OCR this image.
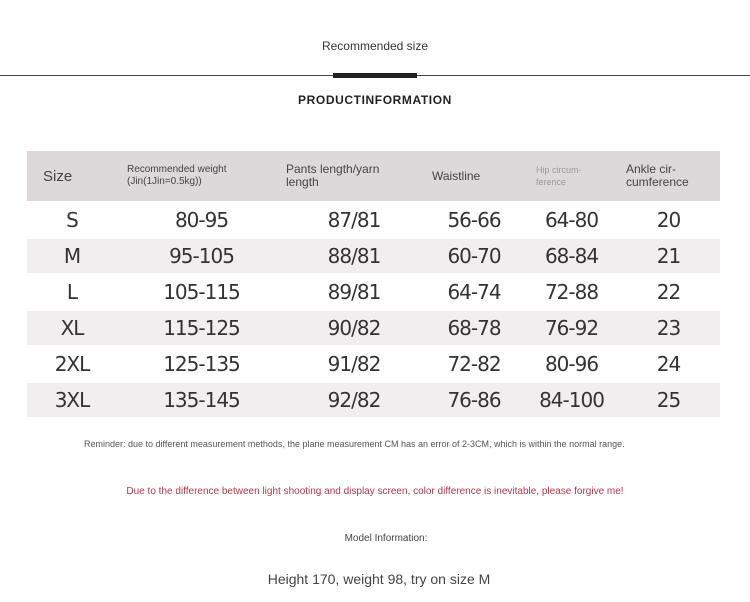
Recommended size
PRODUCTINFORMATION
Size	Recommended weight (Jin(1Jin=0.5kg))	Pants length/yarn length	Waistline	Hip circum- ference	Ankle cir- cumference
S	80-95	87/81	56-66	64-80	20
M	95-105	88/81	60-70	68-84	21
L	105-115	89/81	64-74	72-88	22
XL	115-125	90/82	68-78	76-92	23
2XL	125-135	91/82	72-82	80-96	24
3XL	135-145	92/82	76-86	84-100	25
Reminder: due to different measurement methods, the plane measurement CM has an error of 2-3CM, which is within the normal range.
Due to the difference between light shooting and display screen, color difference is inevitable, please forgive me!
Model Information:
Height 170, weight 98, try on size M
